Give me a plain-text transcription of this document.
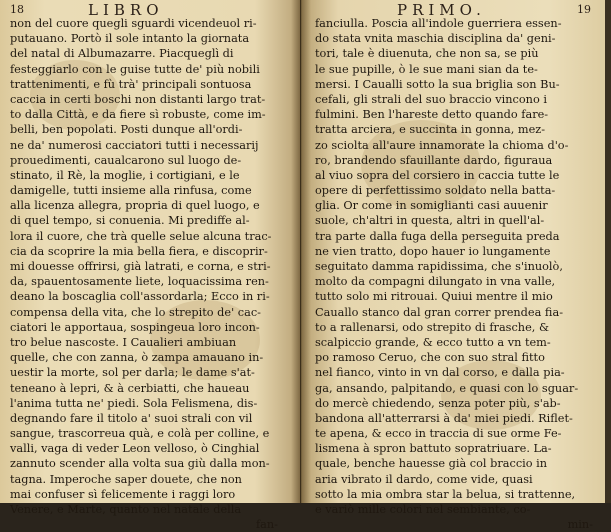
18	LIBRO
non del cuore quegli sguardi vicendeuol ri-
putauano. Portò il sole intanto la giornata
del natal di Albumazarre. Piacqueglì di
festeggiarlo con le guise tutte de' più nobili
trattenimenti, e fù trà' principali sontuosa
caccia in certi boschi non distanti largo trat-
to dalla Città, e da fiere sì robuste, come im-
belli, ben popolati. Posti dunque all'ordi-
ne da' numerosi cacciatori tutti i necessarij
prouedimenti, caualcarono sul luogo de-
stinato, il Rè, la moglie, i cortigiani, e le
damigelle, tutti insieme alla rinfusa, come
alla licenza allegra, propria di quel luogo, e
di quel tempo, si conuenia. Mi prediffe al-
lora il cuore, che trà quelle selue alcuna trac-
cia da scoprire la mia bella fiera, e discoprir-
mi douesse offrirsi, già latrati, e corna, e stri-
da, spauentosamente liete, loquacissima ren-
deano la boscaglia coll'assordarla; Ecco in ri-
compensa della vita, che lo strepito de' cac-
ciatori le apportaua, sospingeua loro incon-
tro belue nascoste. I Caualieri ambiuan
quelle, che con zanna, ò zampa amauano in-
uestir la morte, sol per darla; le dame s'at-
teneano à lepri, & à cerbiatti, che haueau
l'anima tutta ne' piedi. Sola Felismena, dis-
degnando fare il titolo a' suoi strali con vil
sangue, trascorreua quà, e colà per colline, e
valli, vaga di veder Leon velloso, ò Cinghial
zannuto scender alla volta sua giù dalla mon-
tagna. Imperoche saper douete, che non
mai confuser sì felicemente i raggi loro
Venere, e Marte, quanto nel natale della
fan-
PRIMO.	19
fanciulla. Poscia all'indole guerriera essen-
do stata vnita maschia disciplina da' geni-
tori, tale è diuenuta, che non sa, se più
le sue pupille, ò le sue mani sian da te-
mersi. I Caualli sotto la sua briglia son Bu-
cefali, gli strali del suo braccio vincono i
fulmini. Ben l'hareste detto quando fare-
tratta arciera, e succinta in gonna, mez-
zo sciolta all'aure innamorate la chioma d'o-
ro, brandendo sfauillante dardo, figuraua
al viuo sopra del corsiero in caccia tutte le
opere di perfettissimo soldato nella batta-
glia. Or come in somiglianti casi auuenir
suole, ch'altri in questa, altri in quell'al-
tra parte dalla fuga della perseguita preda
ne vien tratto, dopo hauer io lungamente
seguitato damma rapidissima, che s'inuolò,
molto da compagni dilungato in vna valle,
tutto solo mi ritrouai. Quiui mentre il mio
Cauallo stanco dal gran correr prendea fia-
to a rallenarsi, odo strepito di frasche, &
scalpiccio grande, & ecco tutto a vn tem-
po ramoso Ceruo, che con suo stral fitto
nel fianco, vinto in vn dal corso, e dalla pia-
ga, ansando, palpitando, e quasi con lo sguar-
do mercè chiedendo, senza poter più, s'ab-
bandona all'atterrarsi à da' miei piedi. Riflet-
te apena, & ecco in traccia di sue orme Fe-
lismena à spron battuto sopratriuare. La-
quale, benche hauesse già col braccio in
aria vibrato il dardo, come vide, quasi
sotto la mia ombra star la belua, si trattenne,
e variò mille colori nel sembiante, co-
min-
